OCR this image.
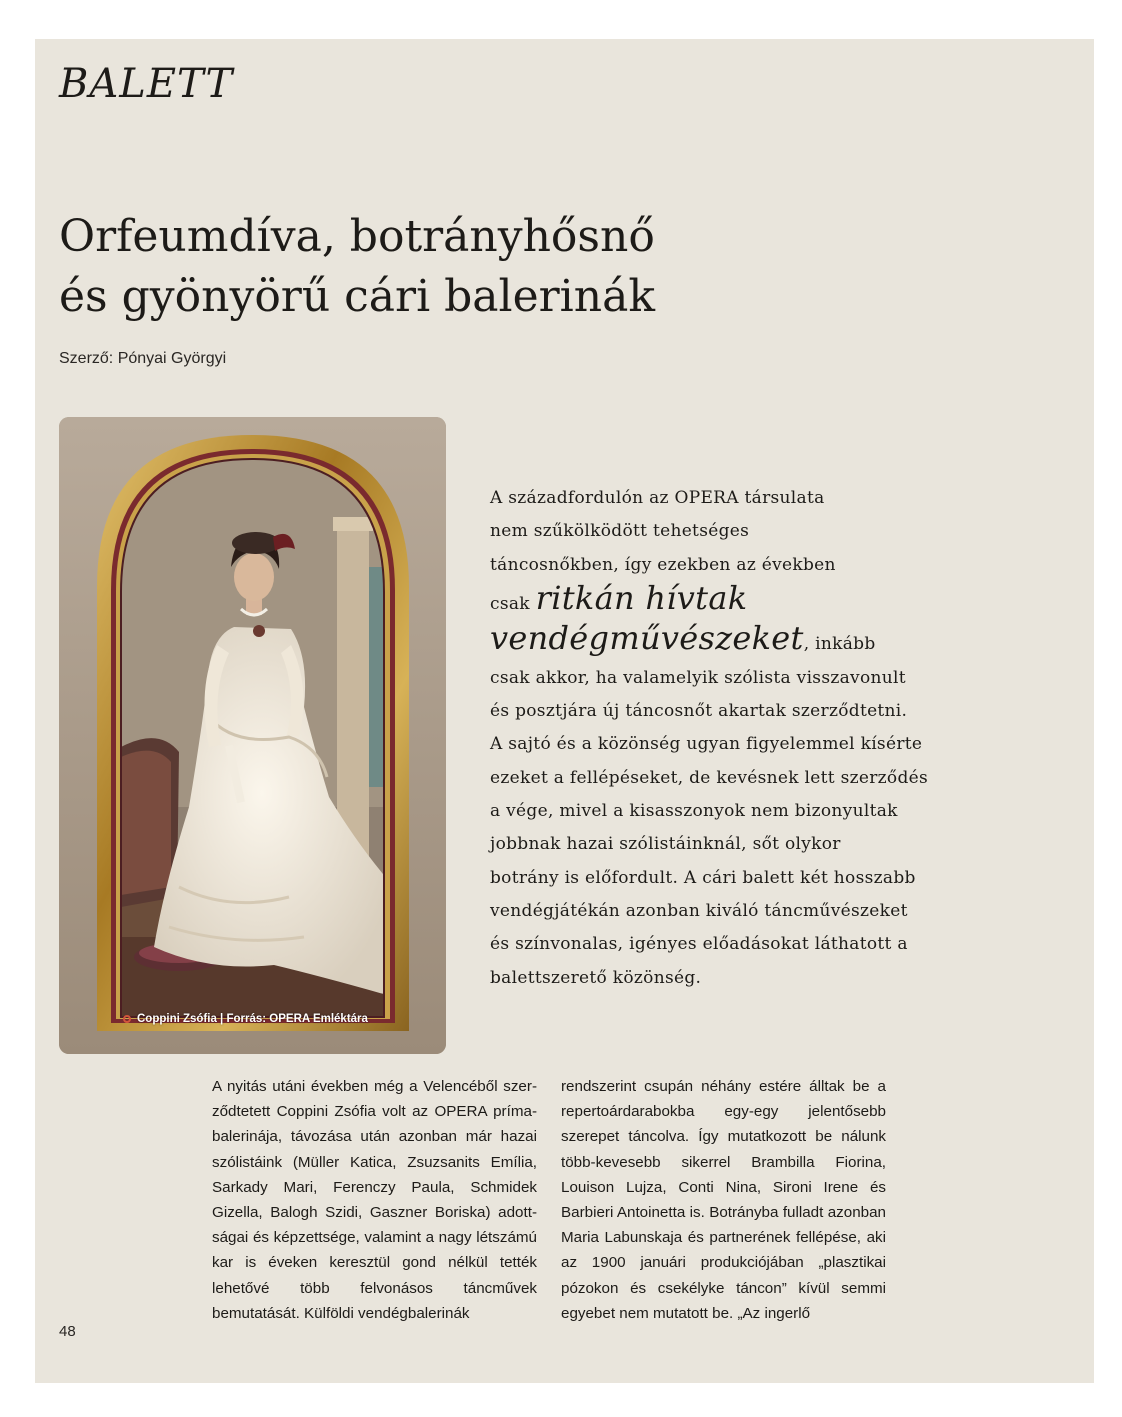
BALETT
Orfeumdíva, botrányhősnő
és gyönyörű cári balerinák
Szerző: Pónyai Györgyi
Coppini Zsófia | Forrás: OPERA Emléktára

A századfordulón az OPERA társulata

nem szűkölködött tehetséges

táncosnőkben, így ezekben az években

csak ritkán hívtak

vendégművészeket, inkább

csak akkor, ha valamelyik szólista visszavonult

és posztjára új táncosnőt akartak szerződtetni.

A sajtó és a közönség ugyan figyelemmel kísérte

ezeket a fellépéseket, de kevésnek lett szerződés

a vége, mivel a kisasszonyok nem bizonyultak

jobbnak hazai szólistáinknál, sőt olykor

botrány is előfordult. A cári balett két hosszabb

vendégjátékán azonban kiváló táncművészeket

és színvonalas, igényes előadásokat láthatott a

balettszerető közönség.

A nyitás utáni években még a Velencéből szerződtetett Coppini Zsófia volt az OPERA prímabalerinája, távozása után azonban már hazai szólistáink (Müller Katica, Zsuzsanits Emília, Sarkady Mari, Ferenczy Paula, Schmidek Gizella, Balogh Szidi, Gaszner Boriska) adottságai és képzettsége, valamint a nagy létszámú kar is éveken keresztül gond nélkül tették lehetővé több felvonásos táncművek bemutatását. Külföldi vendégbalerinák

rendszerint csupán néhány estére álltak be a repertoárdarabokba egy-egy jelentősebb szerepet táncolva. Így mutatkozott be nálunk több-kevesebb sikerrel Brambilla Fiorina, Louison Lujza, Conti Nina, Sironi Irene és Barbieri Antoinetta is. Botrányba fulladt azonban Maria Labunskaja és partnerének fellépése, aki az 1900 januári produkciójában „plasztikai pózokon és csekélyke táncon” kívül semmi egyebet nem mutatott be. „Az ingerlő

48
